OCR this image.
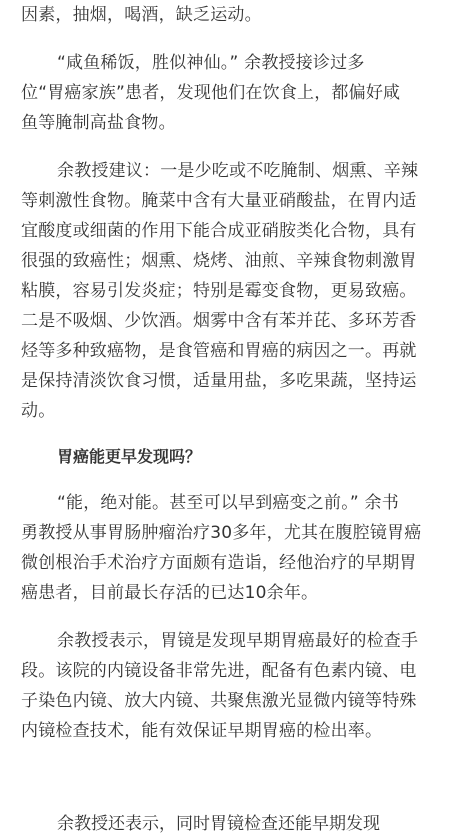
因素，抽烟，喝酒，缺乏运动。
“咸鱼稀饭，胜似神仙。” 余教授接诊过多
位“胃癌家族”患者，发现他们在饮食上，都偏好咸
鱼等腌制高盐食物。
余教授建议：一是少吃或不吃腌制、烟熏、辛辣
等刺激性食物。腌菜中含有大量亚硝酸盐，在胃内适
宜酸度或细菌的作用下能合成亚硝胺类化合物，具有
很强的致癌性；烟熏、烧烤、油煎、辛辣食物刺激胃
粘膜，容易引发炎症；特别是霉变食物，更易致癌。
二是不吸烟、少饮酒。烟雾中含有苯并芘、多环芳香
烃等多种致癌物，是食管癌和胃癌的病因之一。再就
是保持清淡饮食习惯，适量用盐，多吃果蔬，坚持运
动。
胃癌能更早发现吗？
“能，绝对能。甚至可以早到癌变之前。” 余书
勇教授从事胃肠肿瘤治疗30多年，尤其在腹腔镜胃癌
微创根治手术治疗方面颇有造诣，经他治疗的早期胃
癌患者，目前最长存活的已达10余年。
余教授表示，胃镜是发现早期胃癌最好的检查手
段。该院的内镜设备非常先进，配备有色素内镜、电
子染色内镜、放大内镜、共聚焦激光显微内镜等特殊
内镜检查技术，能有效保证早期胃癌的检出率。
余教授还表示，同时胃镜检查还能早期发现
